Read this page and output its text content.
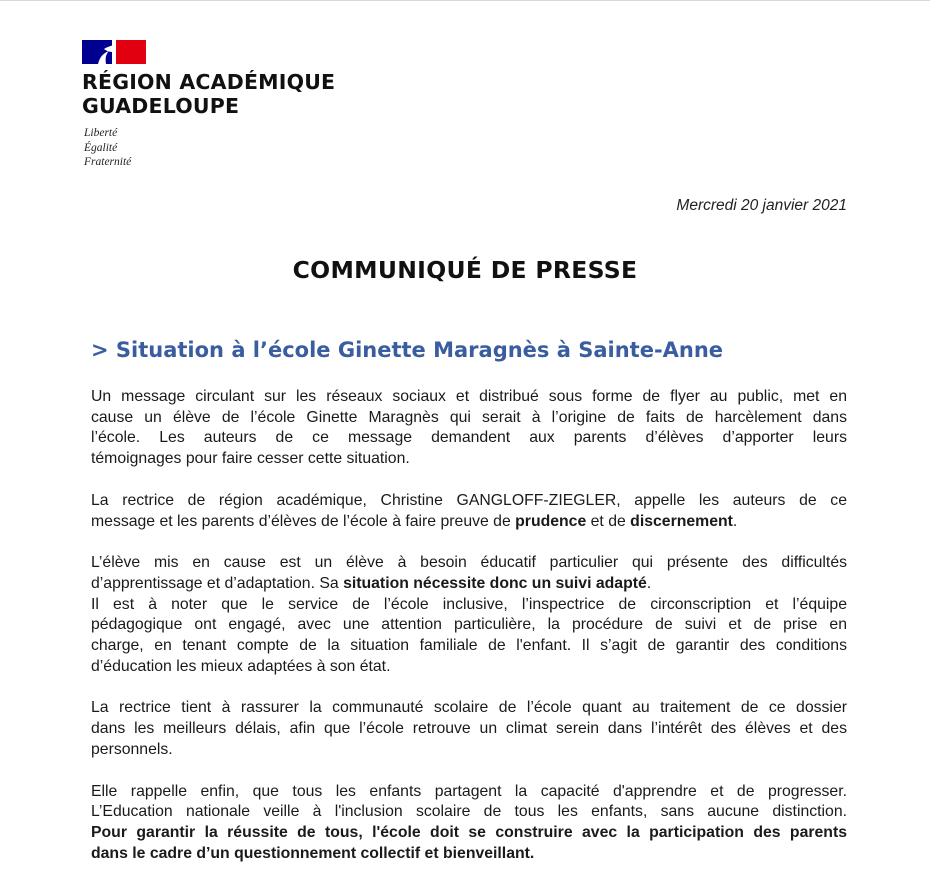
RÉGION ACADÉMIQUE
GUADELOUPE
Liberté
Égalité
Fraternité
Mercredi 20 janvier 2021
COMMUNIQUÉ DE PRESSE
> Situation à l’école Ginette Maragnès à Sainte-Anne

Un message circulant sur les réseaux sociaux et distribué sous forme de flyer au public, met en
cause un élève de l’école Ginette Maragnès qui serait à l’origine de faits de harcèlement dans
l’école. Les auteurs de ce message demandent aux parents d’élèves d’apporter leurs
témoignages pour faire cesser cette situation.

La rectrice de région académique, Christine GANGLOFF-ZIEGLER, appelle les auteurs de ce
message et les parents d’élèves de l’école à faire preuve de prudence et de discernement.

L’élève mis en cause est un élève à besoin éducatif particulier qui présente des difficultés
d’apprentissage et d’adaptation. Sa situation nécessite donc un suivi adapté.
Il est à noter que le service de l’école inclusive, l’inspectrice de circonscription et l’équipe
pédagogique ont engagé, avec une attention particulière, la procédure de suivi et de prise en
charge, en tenant compte de la situation familiale de l'enfant. Il s’agit de garantir des conditions
d’éducation les mieux adaptées à son état.

La rectrice tient à rassurer la communauté scolaire de l’école quant au traitement de ce dossier
dans les meilleurs délais, afin que l’école retrouve un climat serein dans l’intérêt des élèves et des
personnels.

Elle rappelle enfin, que tous les enfants partagent la capacité d'apprendre et de progresser.
L’Education nationale veille à l'inclusion scolaire de tous les enfants, sans aucune distinction.
Pour garantir la réussite de tous, l'école doit se construire avec la participation des parents
dans le cadre d’un questionnement collectif et bienveillant.
